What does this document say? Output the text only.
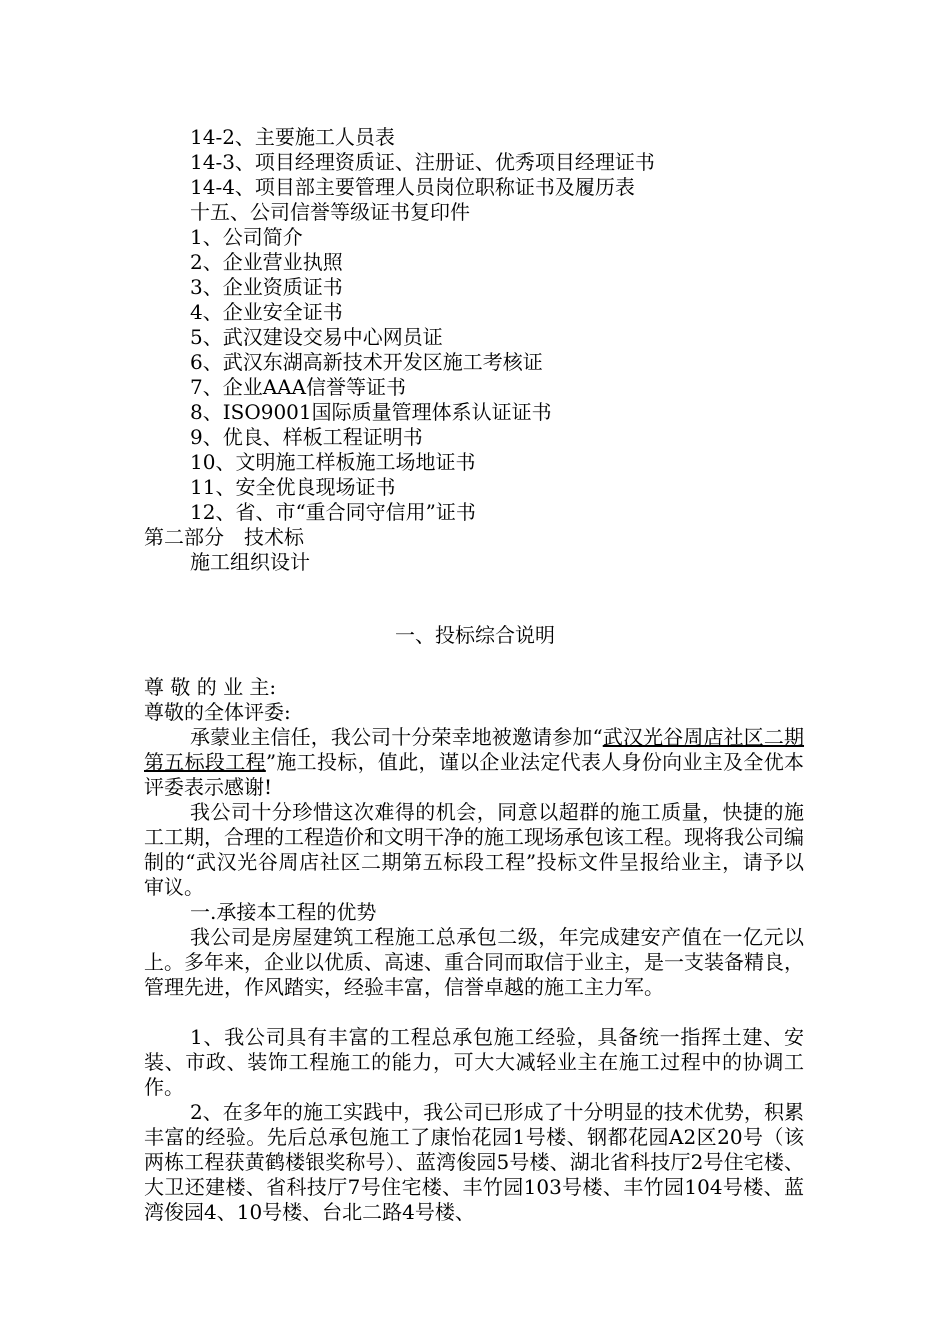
14-2、主要施工人员表
14-3、项目经理资质证、注册证、优秀项目经理证书
14-4、项目部主要管理人员岗位职称证书及履历表
十五、公司信誉等级证书复印件
1、公司简介
2、企业营业执照
3、企业资质证书
4、企业安全证书
5、武汉建设交易中心网员证
6、武汉东湖高新技术开发区施工考核证
7、企业AAA信誉等证书
8、ISO9001国际质量管理体系认证证书
9、优良、样板工程证明书
10、文明施工样板施工场地证书
11、安全优良现场证书
12、省、市“重合同守信用”证书
第二部分　技术标
施工组织设计
一、投标综合说明
尊 敬 的 业 主:
尊敬的全体评委:
承蒙业主信任，我公司十分荣幸地被邀请参加“武汉光谷周店社区二期第五标段工程”施工投标，值此，谨以企业法定代表人身份向业主及全优本评委表示感谢!
我公司十分珍惜这次难得的机会，同意以超群的施工质量，快捷的施工工期，合理的工程造价和文明干净的施工现场承包该工程。现将我公司编制的“武汉光谷周店社区二期第五标段工程”投标文件呈报给业主，请予以审议。
一.承接本工程的优势
我公司是房屋建筑工程施工总承包二级，年完成建安产值在一亿元以上。多年来，企业以优质、高速、重合同而取信于业主，是一支装备精良，管理先进，作风踏实，经验丰富，信誉卓越的施工主力军。
1、我公司具有丰富的工程总承包施工经验，具备统一指挥土建、安装、市政、装饰工程施工的能力，可大大减轻业主在施工过程中的协调工作。
2、在多年的施工实践中，我公司已形成了十分明显的技术优势，积累丰富的经验。先后总承包施工了康怡花园1号楼、钢都花园A2区20号（该两栋工程获黄鹤楼银奖称号）、蓝湾俊园5号楼、湖北省科技厅2号住宅楼、大卫还建楼、省科技厅7号住宅楼、丰竹园103号楼、丰竹园104号楼、蓝湾俊园4、10号楼、台北二路4号楼、
